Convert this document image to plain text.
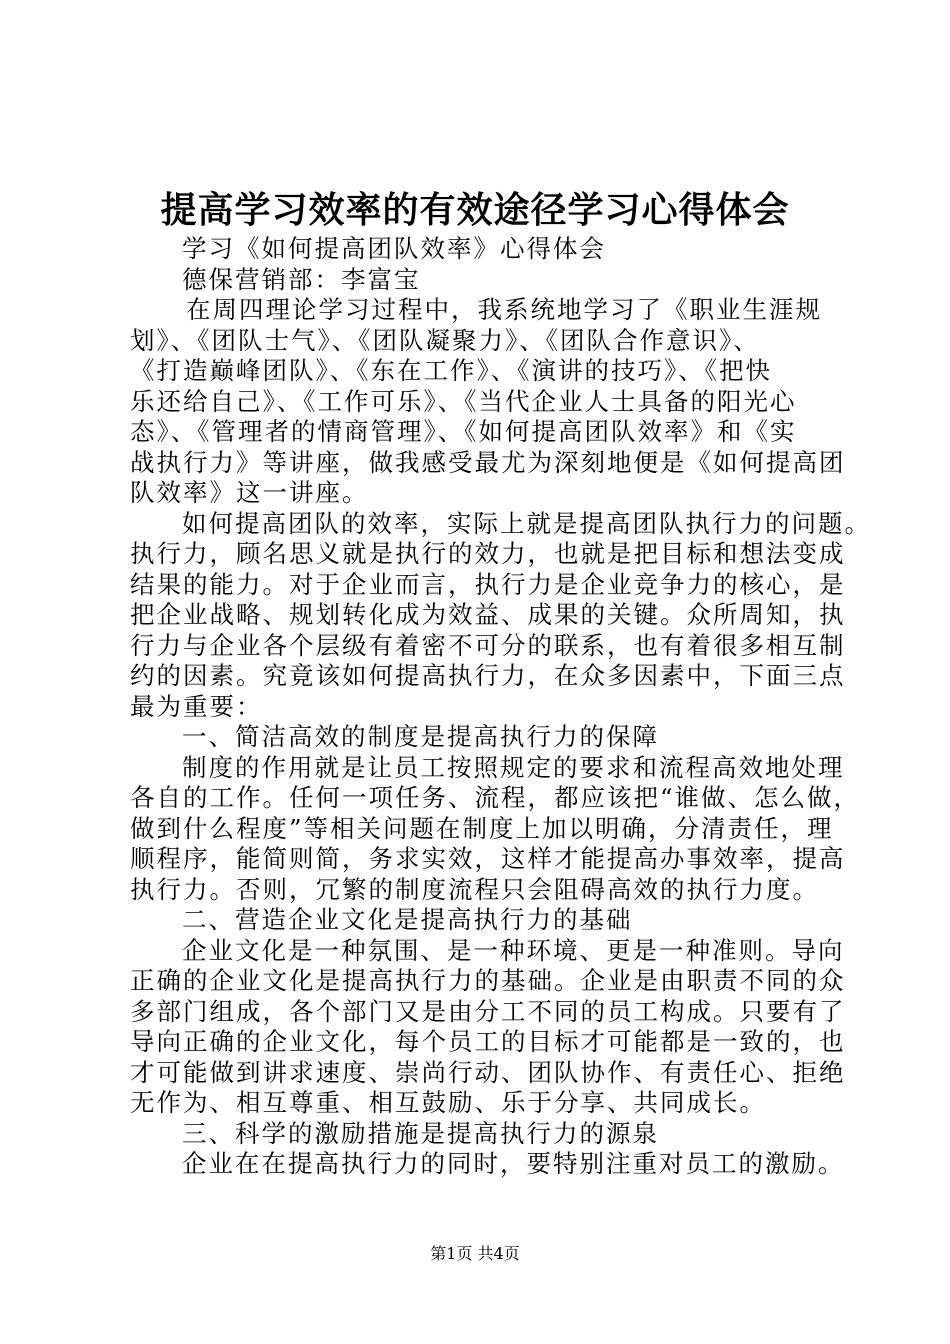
提高学习效率的有效途径学习心得体会
学习《如何提高团队效率》心得体会
德保营销部：李富宝
在周四理论学习过程中，我系统地学习了《职业生涯规
划》、《团队士气》、《团队凝聚力》、《团队合作意识》、
《打造巅峰团队》、《东在工作》、《演讲的技巧》、《把快
乐还给自己》、《工作可乐》、《当代企业人士具备的阳光心
态》、《管理者的情商管理》、《如何提高团队效率》和《实
战执行力》等讲座，做我感受最尤为深刻地便是《如何提高团
队效率》这一讲座。
如何提高团队的效率，实际上就是提高团队执行力的问题。
执行力，顾名思义就是执行的效力，也就是把目标和想法变成
结果的能力。对于企业而言，执行力是企业竞争力的核心，是
把企业战略、规划转化成为效益、成果的关键。众所周知，执
行力与企业各个层级有着密不可分的联系，也有着很多相互制
约的因素。究竟该如何提高执行力，在众多因素中，下面三点
最为重要：
一、简洁高效的制度是提高执行力的保障
制度的作用就是让员工按照规定的要求和流程高效地处理
各自的工作。任何一项任务、流程，都应该把“谁做、怎么做，
做到什么程度”等相关问题在制度上加以明确，分清责任，理
顺程序，能简则简，务求实效，这样才能提高办事效率，提高
执行力。否则，冗繁的制度流程只会阻碍高效的执行力度。
二、营造企业文化是提高执行力的基础
企业文化是一种氛围、是一种环境、更是一种准则。导向
正确的企业文化是提高执行力的基础。企业是由职责不同的众
多部门组成，各个部门又是由分工不同的员工构成。只要有了
导向正确的企业文化，每个员工的目标才可能都是一致的，也
才可能做到讲求速度、崇尚行动、团队协作、有责任心、拒绝
无作为、相互尊重、相互鼓励、乐于分享、共同成长。
三、科学的激励措施是提高执行力的源泉
企业在在提高执行力的同时，要特别注重对员工的激励。
第1页 共4页
